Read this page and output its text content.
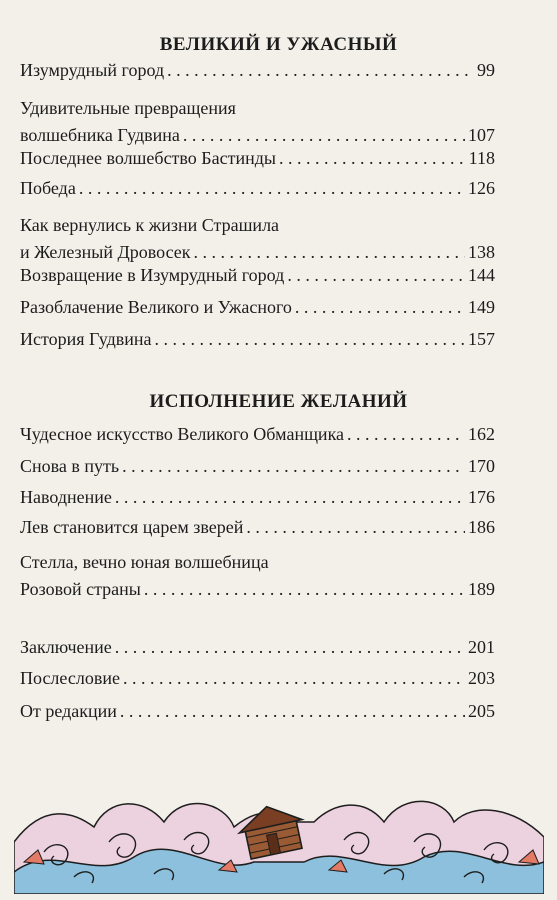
ВЕЛИКИЙ И УЖАСНЫЙ
Изумрудный город . . .	99
Удивительные превращения
волшебника Гудвина . . .	107
Последнее волшебство Бастинды . . .	118
Победа . . .	126
Как вернулись к жизни Страшила
и Железный Дровосек . . .	138
Возвращение в Изумрудный город . . .	144
Разоблачение Великого и Ужасного . . .	149
История Гудвина . . .	157
ИСПОЛНЕНИЕ ЖЕЛАНИЙ
Чудесное искусство Великого Обманщика . . .	162
Снова в путь . . .	170
Наводнение . . .	176
Лев становится царем зверей . . .	186
Стелла, вечно юная волшебница
Розовой страны . . .	189
Заключение . . .	201
Послесловие . . .	203
От редакции . . .	205
